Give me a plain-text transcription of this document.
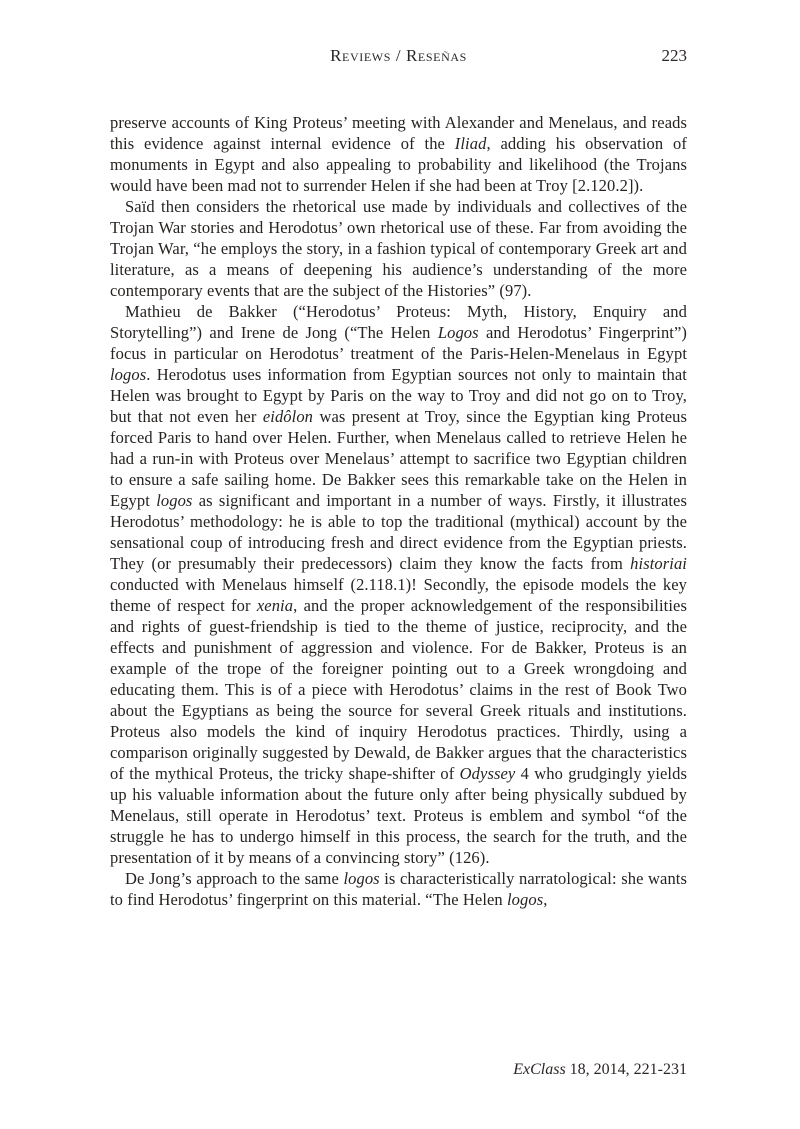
Reviews / Reseñas	223

preserve accounts of King Proteus’ meeting with Alexander and Menelaus, and reads this evidence against internal evidence of the Iliad, adding his observation of monuments in Egypt and also appealing to probability and likelihood (the Trojans would have been mad not to surrender Helen if she had been at Troy [2.120.2]).

Saïd then considers the rhetorical use made by individuals and collectives of the Trojan War stories and Herodotus’ own rhetorical use of these. Far from avoiding the Trojan War, “he employs the story, in a fashion typical of contemporary Greek art and literature, as a means of deepening his audience’s understanding of the more contemporary events that are the subject of the Histories” (97).

Mathieu de Bakker (“Herodotus’ Proteus: Myth, History, Enquiry and Storytelling”) and Irene de Jong (“The Helen Logos and Herodotus’ Fingerprint”) focus in particular on Herodotus’ treatment of the Paris-Helen-Menelaus in Egypt logos. Herodotus uses information from Egyptian sources not only to maintain that Helen was brought to Egypt by Paris on the way to Troy and did not go on to Troy, but that not even her eidôlon was present at Troy, since the Egyptian king Proteus forced Paris to hand over Helen. Further, when Menelaus called to retrieve Helen he had a run-in with Proteus over Menelaus’ attempt to sacrifice two Egyptian children to ensure a safe sailing home. De Bakker sees this remarkable take on the Helen in Egypt logos as significant and important in a number of ways. Firstly, it illustrates Herodotus’ methodology: he is able to top the traditional (mythical) account by the sensational coup of introducing fresh and direct evidence from the Egyptian priests. They (or presumably their predecessors) claim they know the facts from historiai conducted with Menelaus himself (2.118.1)! Secondly, the episode models the key theme of respect for xenia, and the proper acknowledgement of the responsibilities and rights of guest-friendship is tied to the theme of justice, reciprocity, and the effects and punishment of aggression and violence. For de Bakker, Proteus is an example of the trope of the foreigner pointing out to a Greek wrongdoing and educating them. This is of a piece with Herodotus’ claims in the rest of Book Two about the Egyptians as being the source for several Greek rituals and institutions. Proteus also models the kind of inquiry Herodotus practices. Thirdly, using a comparison originally suggested by Dewald, de Bakker argues that the characteristics of the mythical Proteus, the tricky shape-shifter of Odyssey 4 who grudgingly yields up his valuable information about the future only after being physically subdued by Menelaus, still operate in Herodotus’ text. Proteus is emblem and symbol “of the struggle he has to undergo himself in this process, the search for the truth, and the presentation of it by means of a convincing story” (126).

De Jong’s approach to the same logos is characteristically narratological: she wants to find Herodotus’ fingerprint on this material. “The Helen logos,

ExClass 18, 2014, 221-231
